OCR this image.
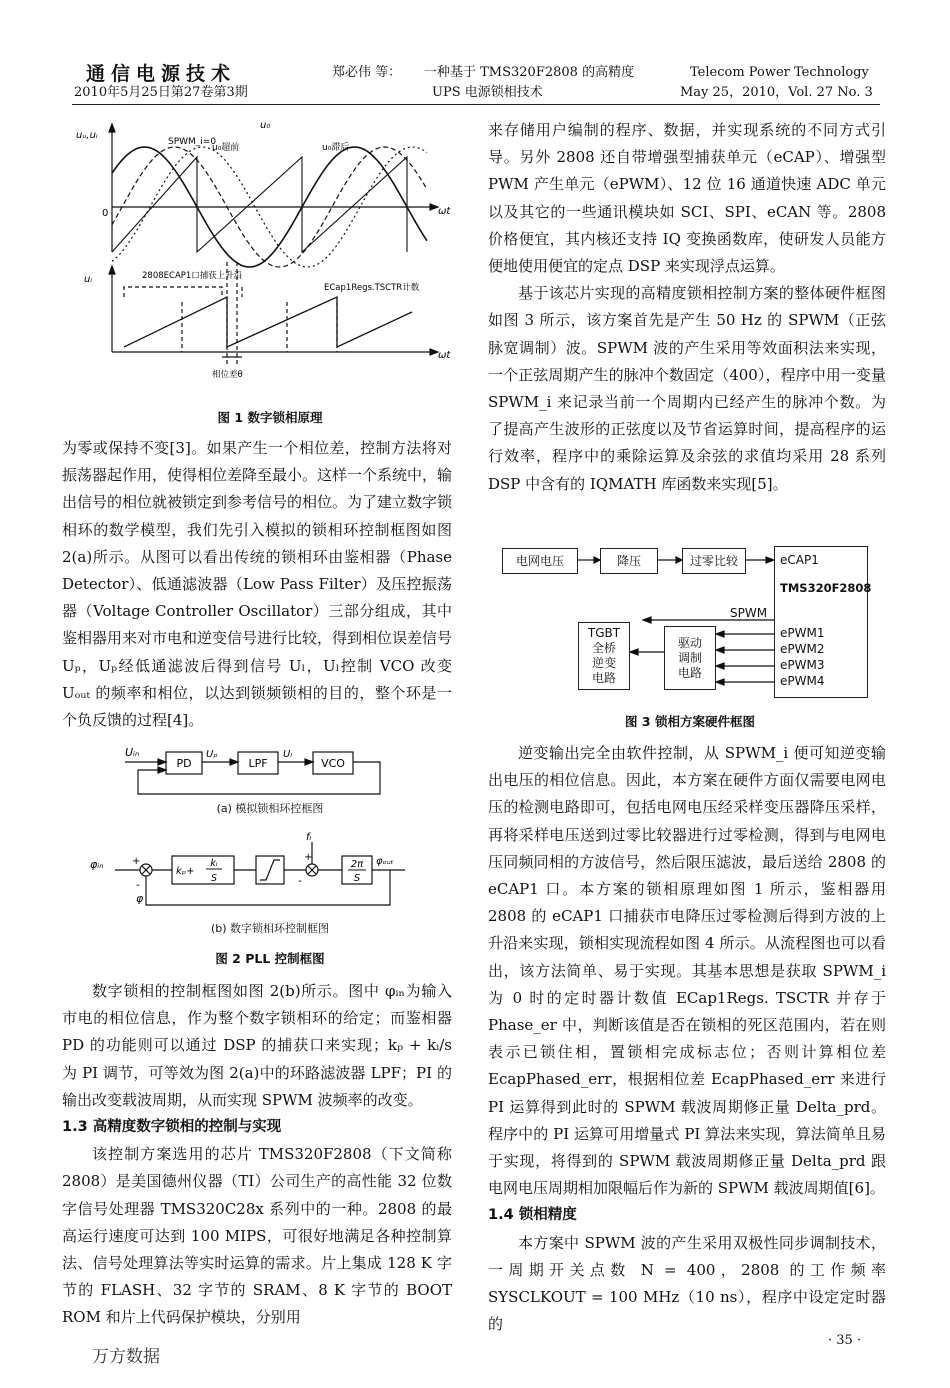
通信电源技术
2010年5月25日第27卷第3期
郑必伟 等： 一种基于 TMS320F2808 的高精度
UPS 电源锁相技术
Telecom Power Technology
May 25，2010，Vol. 27 No. 3
uᵤ,uᵢ
SPWM_i=0
u₀
u₀超前	u₀滞后
ωt
0
uᵢ	2808ECAP1口捕获上升沿
ECap1Regs.TSCTR计数
ωt
相位差θ
图 1 数字锁相原理

为零或保持不变[3]。如果产生一个相位差，控制方法将对振荡器起作用，使得相位差降至最小。这样一个系统中，输出信号的相位就被锁定到参考信号的相位。为了建立数字锁相环的数学模型，我们先引入模拟的锁相环控制框图如图 2(a)所示。从图可以看出传统的锁相环由鉴相器（Phase Detector）、低通滤波器（Low Pass Filter）及压控振荡器（Voltage Controller Oscillator）三部分组成，其中鉴相器用来对市电和逆变信号进行比较，得到相位误差信号 Uₚ，Uₚ经低通滤波后得到信号 Uₗ，Uₗ控制 VCO 改变 Uₒᵤₜ 的频率和相位，以达到锁频锁相的目的，整个环是一个负反馈的过程[4]。

Uᵢₙ
PD
Uₚ
LPF
Uₗ
VCO
(a) 模拟锁相环控框图
φᵢₙ	+
-
kₚ+
kᵢ
S
fᵢ
+
-
2π
S
φₒᵤₜ
φ
(b) 数字锁相环控制框图
图 2 PLL 控制框图

数字锁相的控制框图如图 2(b)所示。图中 φᵢₙ为输入市电的相位信息，作为整个数字锁相环的给定；而鉴相器 PD 的功能则可以通过 DSP 的捕获口来实现；kₚ + kᵢ/s 为 PI 调节，可等效为图 2(a)中的环路滤波器 LPF；PI 的输出改变载波周期，从而实现 SPWM 波频率的改变。

1.3 高精度数字锁相的控制与实现

该控制方案选用的芯片 TMS320F2808（下文简称 2808）是美国德州仪器（TI）公司生产的高性能 32 位数字信号处理器 TMS320C28x 系列中的一种。2808 的最高运行速度可达到 100 MIPS，可很好地满足各种控制算法、信号处理算法等实时运算的需求。片上集成 128 K 字节的 FLASH、32 字节的 SRAM、8 K 字节的 BOOT ROM 和片上代码保护模块，分别用

来存储用户编制的程序、数据，并实现系统的不同方式引导。另外 2808 还自带增强型捕获单元（eCAP）、增强型 PWM 产生单元（ePWM）、12 位 16 通道快速 ADC 单元以及其它的一些通讯模块如 SCI、SPI、eCAN 等。2808 价格便宜，其内核还支持 IQ 变换函数库，使研发人员能方便地使用便宜的定点 DSP 来实现浮点运算。

基于该芯片实现的高精度锁相控制方案的整体硬件框图如图 3 所示，该方案首先是产生 50 Hz 的 SPWM（正弦脉宽调制）波。SPWM 波的产生采用等效面积法来实现，一个正弦周期产生的脉冲个数固定（400），程序中用一变量 SPWM_i 来记录当前一个周期内已经产生的脉冲个数。为了提高产生波形的正弦度以及节省运算时间，提高程序的运行效率，程序中的乘除运算及余弦的求值均采用 28 系列 DSP 中含有的 IQMATH 库函数来实现[5]。

电网电压	降压	过零比较	eCAP1
TMS320F2808
ePWM1
ePWM2
ePWM3
ePWM4
SPWM
TGBT
全桥
逆变
电路
驱动
调制
电路
图 3 锁相方案硬件框图

逆变输出完全由软件控制，从 SPWM_i 便可知逆变输出电压的相位信息。因此，本方案在硬件方面仅需要电网电压的检测电路即可，包括电网电压经采样变压器降压采样，再将采样电压送到过零比较器进行过零检测，得到与电网电压同频同相的方波信号，然后限压滤波，最后送给 2808 的 eCAP1 口。本方案的锁相原理如图 1 所示，鉴相器用 2808 的 eCAP1 口捕获市电降压过零检测后得到方波的上升沿来实现，锁相实现流程如图 4 所示。从流程图也可以看出，该方法简单、易于实现。其基本思想是获取 SPWM_i 为 0 时的定时器计数值 ECap1Regs. TSCTR 并存于 Phase_er 中，判断该值是否在锁相的死区范围内，若在则表示已锁住相，置锁相完成标志位；否则计算相位差 EcapPhased_err，根据相位差 EcapPhased_err 来进行 PI 运算得到此时的 SPWM 载波周期修正量 Delta_prd。程序中的 PI 运算可用增量式 PI 算法来实现，算法简单且易于实现，将得到的 SPWM 载波周期修正量 Delta_prd 跟电网电压周期相加限幅后作为新的 SPWM 载波周期值[6]。

1.4 锁相精度

本方案中 SPWM 波的产生采用双极性同步调制技术，一周期开关点数 N = 400，2808 的工作频率 SYSCLKOUT = 100 MHz（10 ns），程序中设定定时器的

· 35 ·
万方数据
